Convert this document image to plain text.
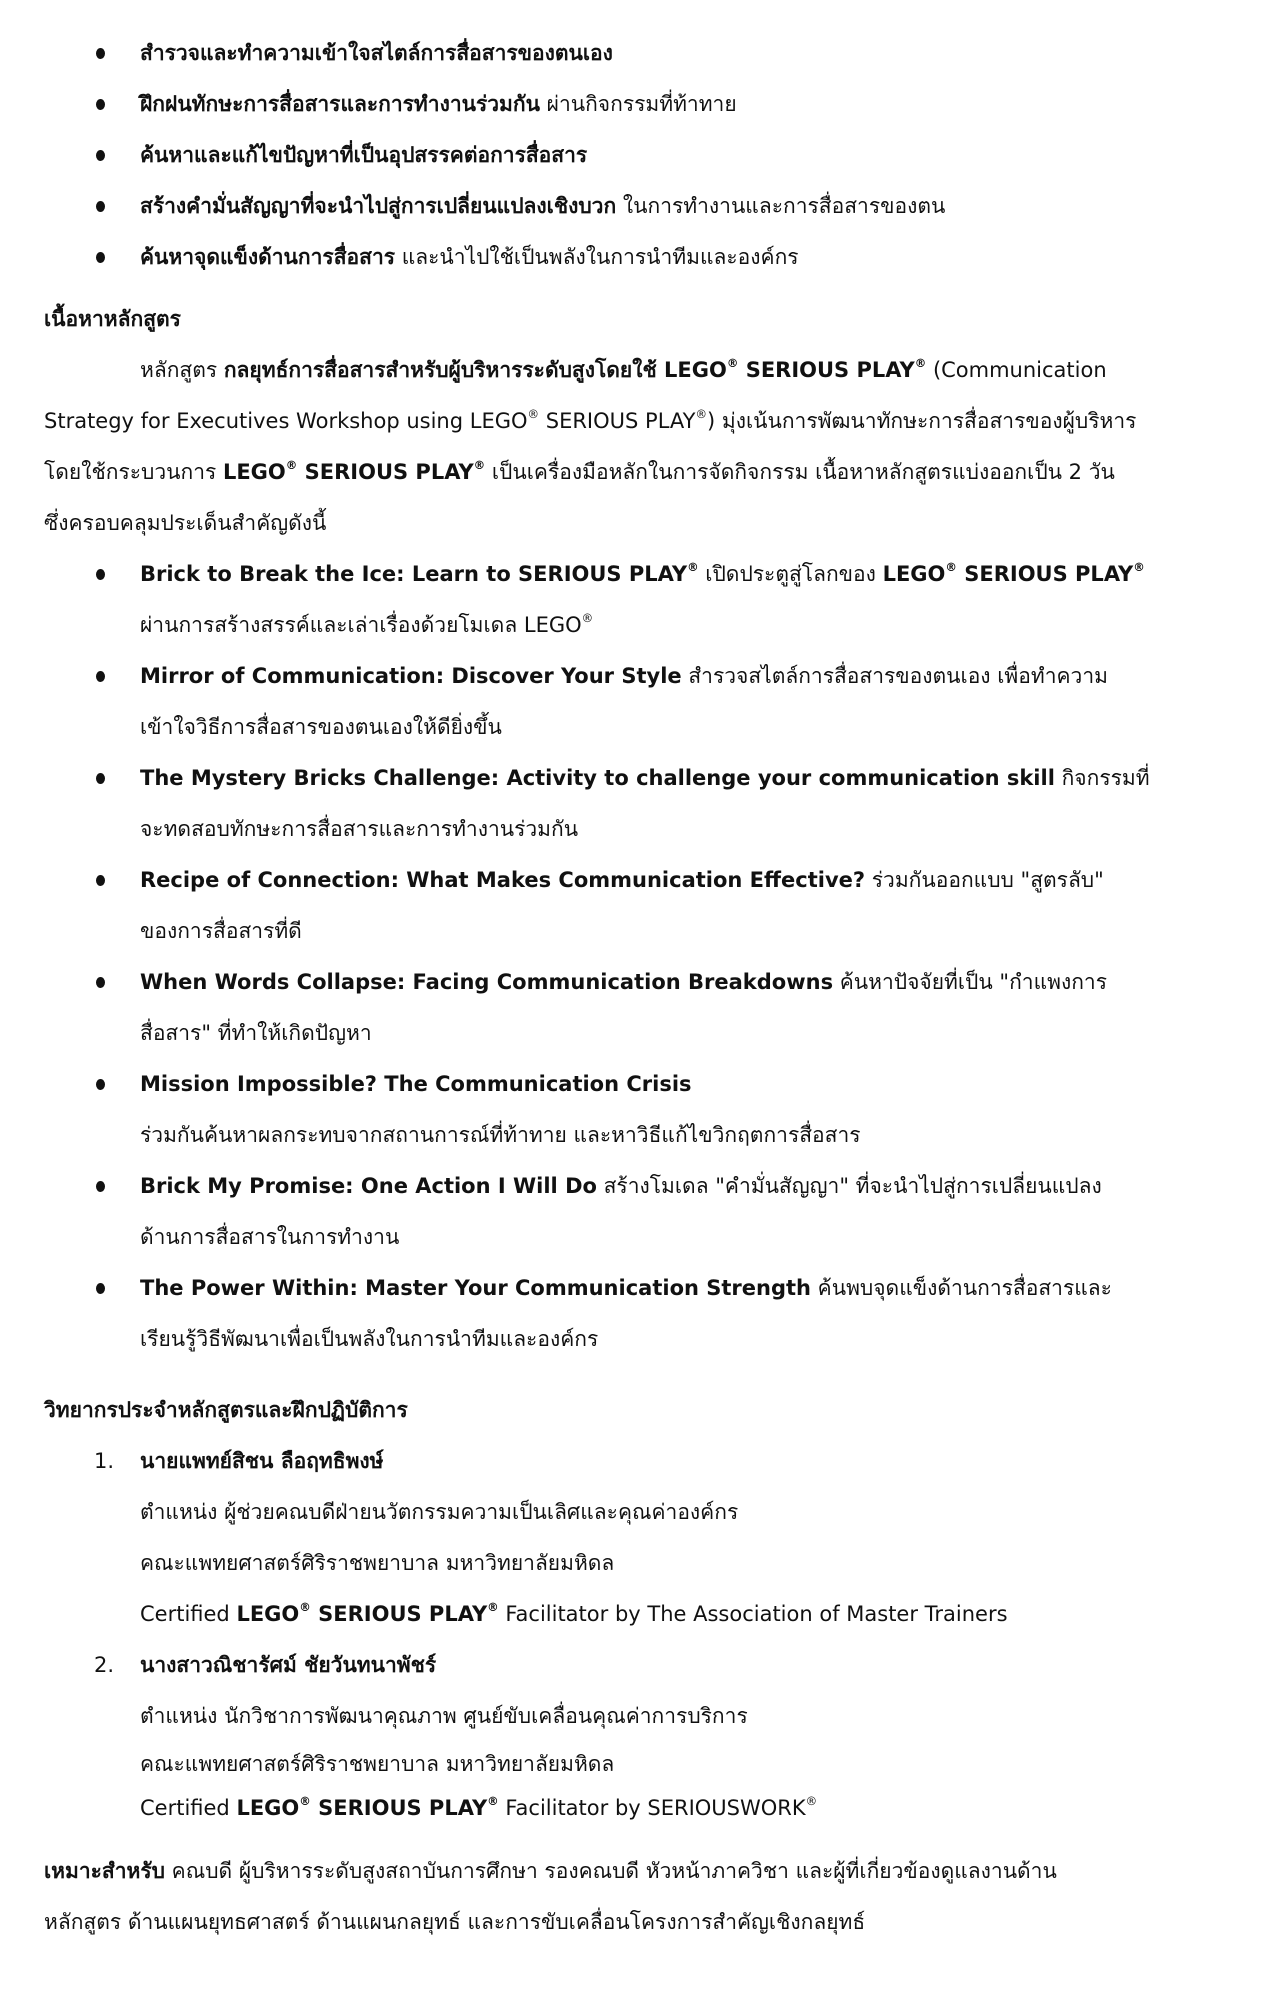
สำรวจและทำความเข้าใจสไตล์การสื่อสารของตนเอง
ฝึกฝนทักษะการสื่อสารและการทำงานร่วมกัน ผ่านกิจกรรมที่ท้าทาย
ค้นหาและแก้ไขปัญหาที่เป็นอุปสรรคต่อการสื่อสาร
สร้างคำมั่นสัญญาที่จะนำไปสู่การเปลี่ยนแปลงเชิงบวก ในการทำงานและการสื่อสารของตน
ค้นหาจุดแข็งด้านการสื่อสาร และนำไปใช้เป็นพลังในการนำทีมและองค์กร
เนื้อหาหลักสูตร
หลักสูตร กลยุทธ์การสื่อสารสำหรับผู้บริหารระดับสูงโดยใช้ LEGO® SERIOUS PLAY® (Communication
Strategy for Executives Workshop using LEGO® SERIOUS PLAY®) มุ่งเน้นการพัฒนาทักษะการสื่อสารของผู้บริหาร
โดยใช้กระบวนการ LEGO® SERIOUS PLAY® เป็นเครื่องมือหลักในการจัดกิจกรรม เนื้อหาหลักสูตรแบ่งออกเป็น 2 วัน
ซึ่งครอบคลุมประเด็นสำคัญดังนี้
Brick to Break the Ice: Learn to SERIOUS PLAY® เปิดประตูสู่โลกของ LEGO® SERIOUS PLAY®
ผ่านการสร้างสรรค์และเล่าเรื่องด้วยโมเดล LEGO®
Mirror of Communication: Discover Your Style สำรวจสไตล์การสื่อสารของตนเอง เพื่อทำความ
เข้าใจวิธีการสื่อสารของตนเองให้ดียิ่งขึ้น
The Mystery Bricks Challenge: Activity to challenge your communication skill กิจกรรมที่
จะทดสอบทักษะการสื่อสารและการทำงานร่วมกัน
Recipe of Connection: What Makes Communication Effective? ร่วมกันออกแบบ "สูตรลับ"
ของการสื่อสารที่ดี
When Words Collapse: Facing Communication Breakdowns ค้นหาปัจจัยที่เป็น "กำแพงการ
สื่อสาร" ที่ทำให้เกิดปัญหา
Mission Impossible? The Communication Crisis
ร่วมกันค้นหาผลกระทบจากสถานการณ์ที่ท้าทาย และหาวิธีแก้ไขวิกฤตการสื่อสาร
Brick My Promise: One Action I Will Do สร้างโมเดล "คำมั่นสัญญา" ที่จะนำไปสู่การเปลี่ยนแปลง
ด้านการสื่อสารในการทำงาน
The Power Within: Master Your Communication Strength ค้นพบจุดแข็งด้านการสื่อสารและ
เรียนรู้วิธีพัฒนาเพื่อเป็นพลังในการนำทีมและองค์กร
วิทยากรประจำหลักสูตรและฝึกปฏิบัติการ
1. นายแพทย์สิชน ลือฤทธิพงษ์
ตำแหน่ง ผู้ช่วยคณบดีฝ่ายนวัตกรรมความเป็นเลิศและคุณค่าองค์กร
คณะแพทยศาสตร์ศิริราชพยาบาล มหาวิทยาลัยมหิดล
Certified LEGO® SERIOUS PLAY® Facilitator by The Association of Master Trainers
2. นางสาวณิชารัศม์ ชัยวันทนาพัชร์
ตำแหน่ง นักวิชาการพัฒนาคุณภาพ ศูนย์ขับเคลื่อนคุณค่าการบริการ
คณะแพทยศาสตร์ศิริราชพยาบาล มหาวิทยาลัยมหิดล
Certified LEGO® SERIOUS PLAY® Facilitator by SERIOUSWORK®
เหมาะสำหรับ คณบดี ผู้บริหารระดับสูงสถาบันการศึกษา รองคณบดี หัวหน้าภาควิชา และผู้ที่เกี่ยวข้องดูแลงานด้าน
หลักสูตร ด้านแผนยุทธศาสตร์ ด้านแผนกลยุทธ์ และการขับเคลื่อนโครงการสำคัญเชิงกลยุทธ์
